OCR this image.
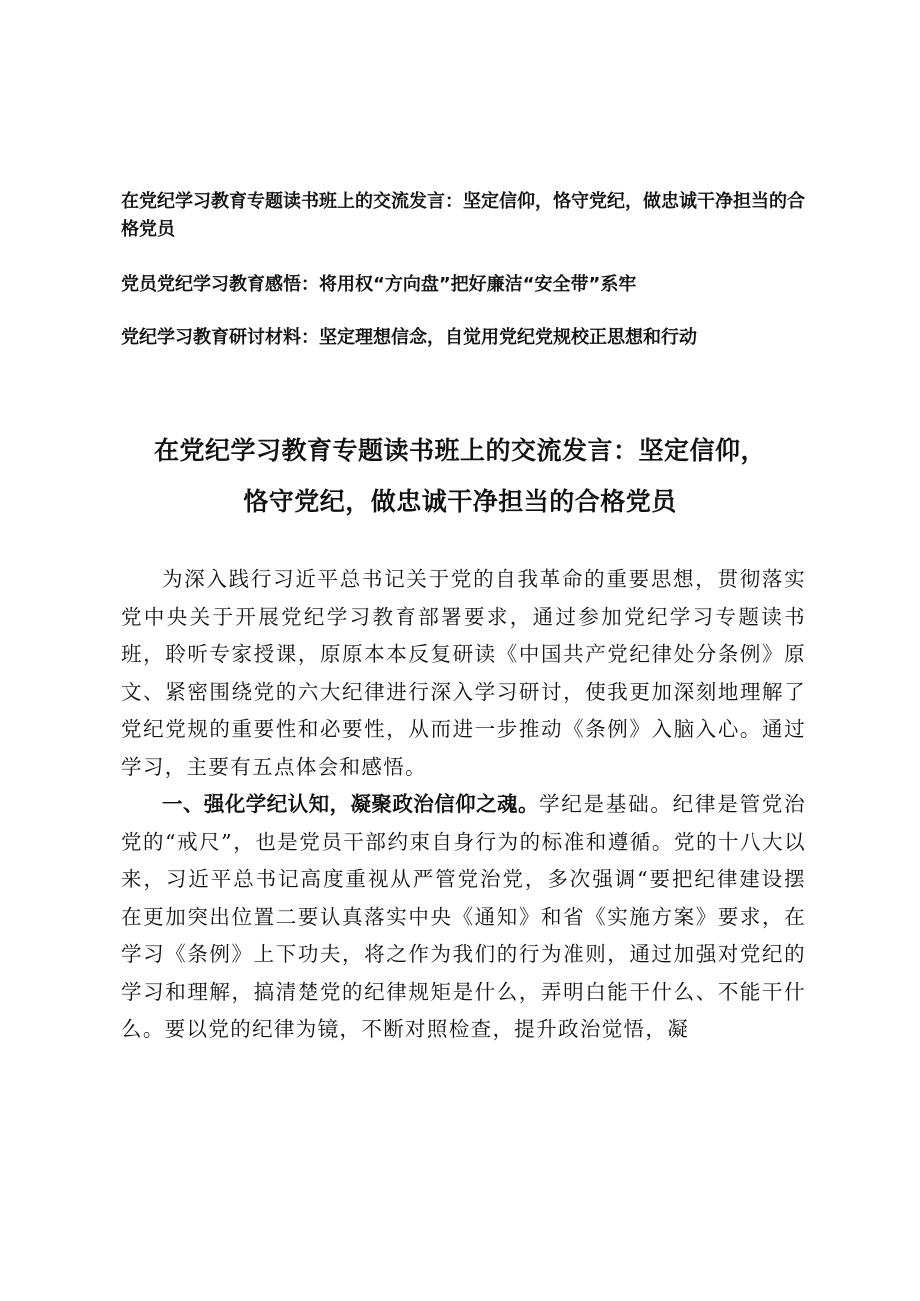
在党纪学习教育专题读书班上的交流发言：坚定信仰，恪守党纪，做忠诚干净担当的合格党员
党员党纪学习教育感悟：将用权“方向盘”把好廉洁“安全带”系牢
党纪学习教育研讨材料：坚定理想信念，自觉用党纪党规校正思想和行动
在党纪学习教育专题读书班上的交流发言：坚定信仰，
恪守党纪，做忠诚干净担当的合格党员

为深入践行习近平总书记关于党的自我革命的重要思想，贯彻落实党中央关于开展党纪学习教育部署要求，通过参加党纪学习专题读书班，聆听专家授课，原原本本反复研读《中国共产党纪律处分条例》原文、紧密围绕党的六大纪律进行深入学习研讨，使我更加深刻地理解了党纪党规的重要性和必要性，从而进一步推动《条例》入脑入心。通过学习，主要有五点体会和感悟。

一、强化学纪认知，凝聚政治信仰之魂。学纪是基础。纪律是管党治党的“戒尺”，也是党员干部约束自身行为的标准和遵循。党的十八大以来，习近平总书记高度重视从严管党治党，多次强调“要把纪律建设摆在更加突出位置二要认真落实中央《通知》和省《实施方案》要求，在学习《条例》上下功夫，将之作为我们的行为准则，通过加强对党纪的学习和理解，搞清楚党的纪律规矩是什么，弄明白能干什么、不能干什么。要以党的纪律为镜，不断对照检查，提升政治觉悟，凝
